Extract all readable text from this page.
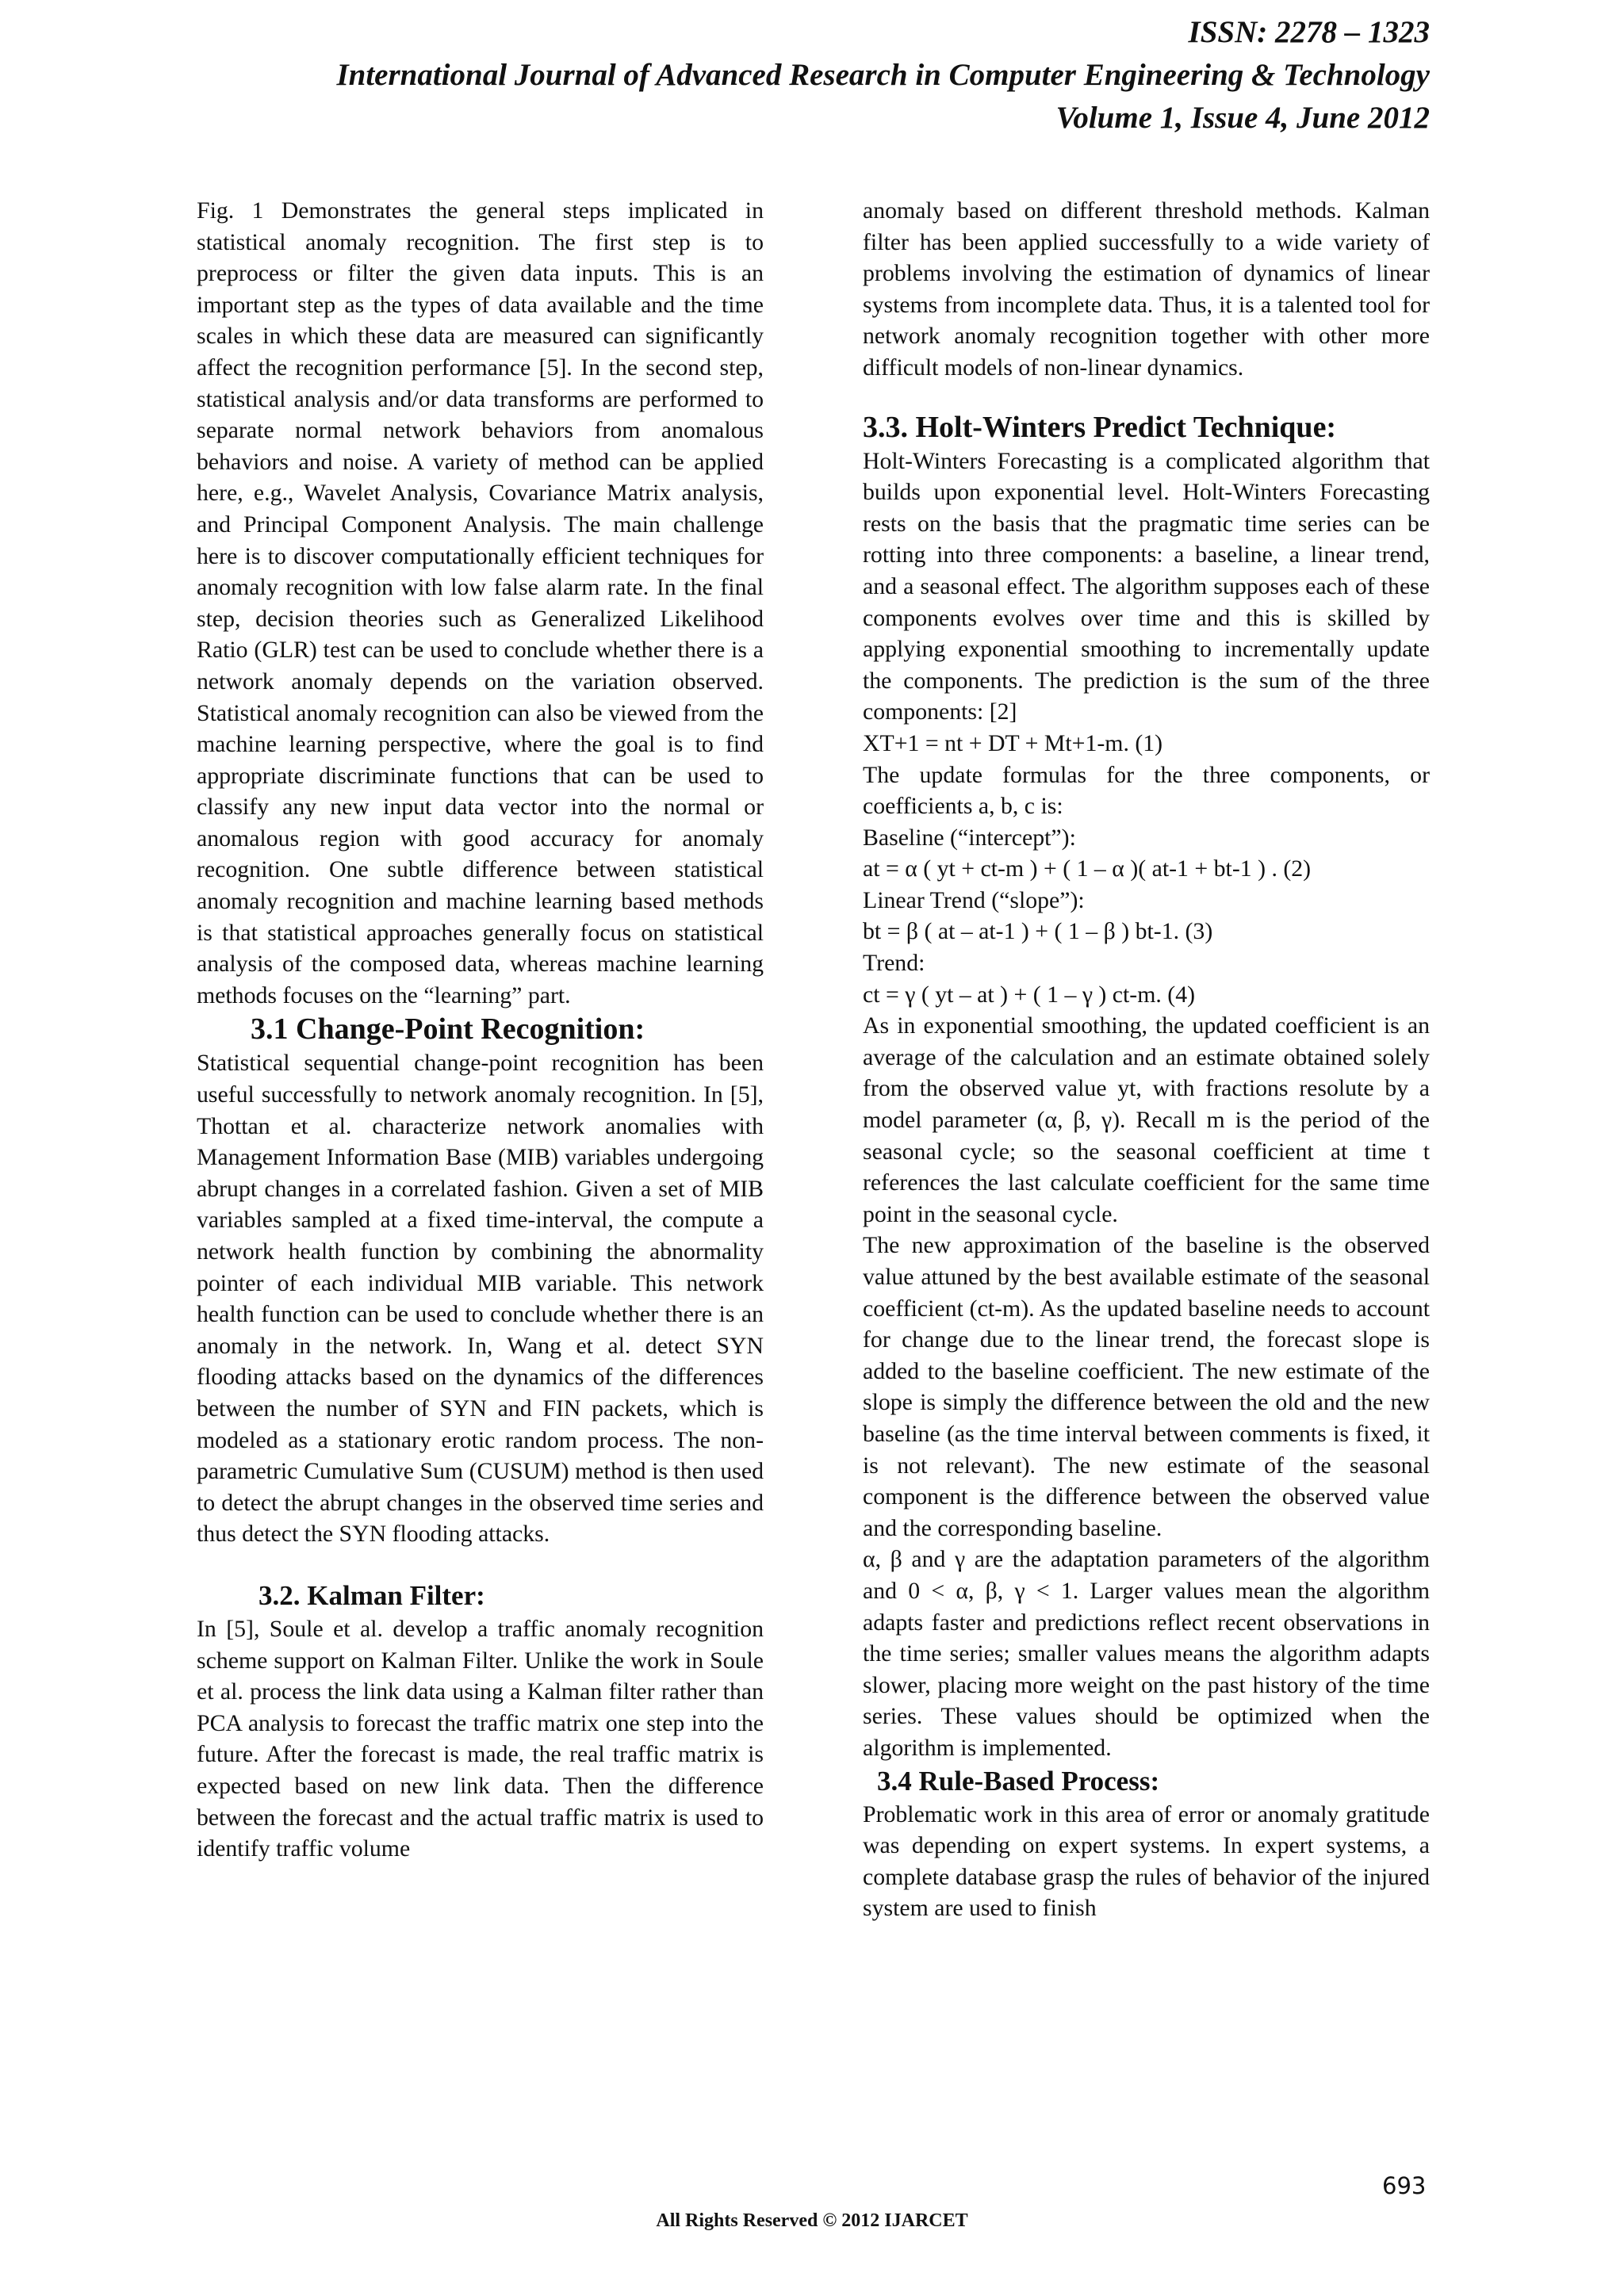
ISSN: 2278 – 1323
International Journal of Advanced Research in Computer Engineering & Technology
Volume 1, Issue 4, June 2012

Fig. 1 Demonstrates the general steps implicated in statistical anomaly recognition. The first step is to preprocess or filter the given data inputs. This is an important step as the types of data available and the time scales in which these data are measured can significantly affect the recognition performance [5]. In the second step, statistical analysis and/or data transforms are performed to separate normal network behaviors from anomalous behaviors and noise. A variety of method can be applied here, e.g., Wavelet Analysis, Covariance Matrix analysis, and Principal Component Analysis. The main challenge here is to discover computationally efficient techniques for anomaly recognition with low false alarm rate. In the final step, decision theories such as Generalized Likelihood Ratio (GLR) test can be used to conclude whether there is a network anomaly depends on the variation observed. Statistical anomaly recognition can also be viewed from the machine learning perspective, where the goal is to find appropriate discriminate functions that can be used to classify any new input data vector into the normal or anomalous region with good accuracy for anomaly recognition. One subtle difference between statistical anomaly recognition and machine learning based methods is that statistical approaches generally focus on statistical analysis of the composed data, whereas machine learning methods focuses on the “learning” part.

3.1 Change-Point Recognition:

Statistical sequential change-point recognition has been useful successfully to network anomaly recognition. In [5], Thottan et al. characterize network anomalies with Management Information Base (MIB) variables undergoing abrupt changes in a correlated fashion. Given a set of MIB variables sampled at a fixed time-interval, the compute a network health function by combining the abnormality pointer of each individual MIB variable. This network health function can be used to conclude whether there is an anomaly in the network. In, Wang et al. detect SYN flooding attacks based on the dynamics of the differences between the number of SYN and FIN packets, which is modeled as a stationary erotic random process. The non-parametric Cumulative Sum (CUSUM) method is then used to detect the abrupt changes in the observed time series and thus detect the SYN flooding attacks.

3.2. Kalman Filter:

In [5], Soule et al. develop a traffic anomaly recognition scheme support on Kalman Filter. Unlike the work in Soule et al. process the link data using a Kalman filter rather than PCA analysis to forecast the traffic matrix one step into the future. After the forecast is made, the real traffic matrix is expected based on new link data. Then the difference between the forecast and the actual traffic matrix is used to identify traffic volume

anomaly based on different threshold methods. Kalman filter has been applied successfully to a wide variety of problems involving the estimation of dynamics of linear systems from incomplete data. Thus, it is a talented tool for network anomaly recognition together with other more difficult models of non-linear dynamics.

3.3. Holt-Winters Predict Technique:

Holt-Winters Forecasting is a complicated algorithm that builds upon exponential level. Holt-Winters Forecasting rests on the basis that the pragmatic time series can be rotting into three components: a baseline, a linear trend, and a seasonal effect. The algorithm supposes each of these components evolves over time and this is skilled by applying exponential smoothing to incrementally update the components. The prediction is the sum of the three components: [2]

XT+1 = nt + DT + Mt+1-m. (1)

The update formulas for the three components, or coefficients a, b, c is:

Baseline (“intercept”):

at = α ( yt + ct-m ) + ( 1 – α )( at-1 + bt-1 ) . (2)

Linear Trend (“slope”):

bt = β ( at – at-1 ) + ( 1 – β ) bt-1. (3)

Trend:

ct = γ ( yt – at ) + ( 1 – γ ) ct-m. (4)

As in exponential smoothing, the updated coefficient is an average of the calculation and an estimate obtained solely from the observed value yt, with fractions resolute by a model parameter (α, β, γ). Recall m is the period of the seasonal cycle; so the seasonal coefficient at time t references the last calculate coefficient for the same time point in the seasonal cycle.

The new approximation of the baseline is the observed value attuned by the best available estimate of the seasonal coefficient (ct-m). As the updated baseline needs to account for change due to the linear trend, the forecast slope is added to the baseline coefficient. The new estimate of the slope is simply the difference between the old and the new baseline (as the time interval between comments is fixed, it is not relevant). The new estimate of the seasonal component is the difference between the observed value and the corresponding baseline.

α, β and γ are the adaptation parameters of the algorithm and 0 < α, β, γ < 1. Larger values mean the algorithm adapts faster and predictions reflect recent observations in the time series; smaller values means the algorithm adapts slower, placing more weight on the past history of the time series. These values should be optimized when the algorithm is implemented.

3.4 Rule-Based Process:

Problematic work in this area of error or anomaly gratitude was depending on expert systems. In expert systems, a complete database grasp the rules of behavior of the injured system are used to finish

693
All Rights Reserved © 2012 IJARCET
